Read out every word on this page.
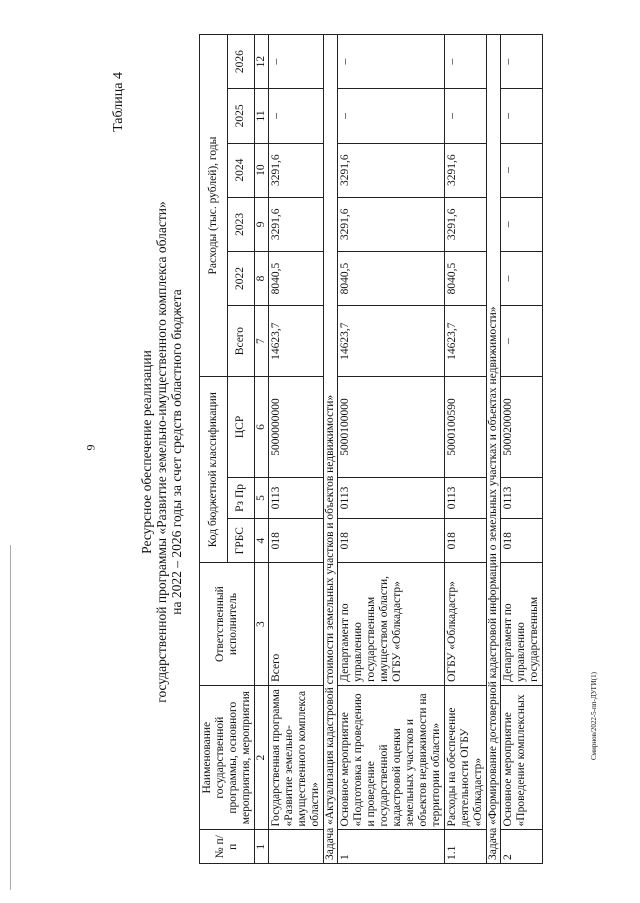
9
Смирнов/2022-5-пп-ДУГИ(1)
Таблица 4
Ресурсное обеспечение реализации государственной программы «Развитие земельно-имущественного комплекса области» на 2022 – 2026 годы за счет средств областного бюджета
№ п/п	Наименование государственной программы, основного мероприятия, мероприятия	Ответственный исполнитель	Код бюджетной классификации			Расходы (тыс. рублей), годы					
			ГРБС	Рз Пр	ЦСР	Всего	2022	2023	2024	2025	2026
1	2	3	4	5	6	7	8	9	10	11	12
	Государственная программа «Развитие земельно-имущественного комплекса области»	Всего	018	0113	5000000000	14623,7	8040,5	3291,6	3291,6	–	–
Задача «Актуализация кадастровой стоимости земельных участков и объектов недвижимости»											
1	Основное мероприятие «Подготовка к проведению и проведение государственной кадастровой оценки земельных участков и объектов недвижимости на территории области»	Департамент по управлению государственным имуществом области, ОГБУ «Облкадастр»	018	0113	5000100000	14623,7	8040,5	3291,6	3291,6	–	–
1.1	Расходы на обеспечение деятельности ОГБУ «Облкадастр»	ОГБУ «Облкадастр»	018	0113	5000100590	14623,7	8040,5	3291,6	3291,6	–	–
Задача «Формирование достоверной кадастровой информации о земельных участках и объектах недвижимости»											
2	Основное мероприятие «Проведение комплексных	Департамент по управлению государственным	018	0113	5000200000	–	–	–	–	–	–
